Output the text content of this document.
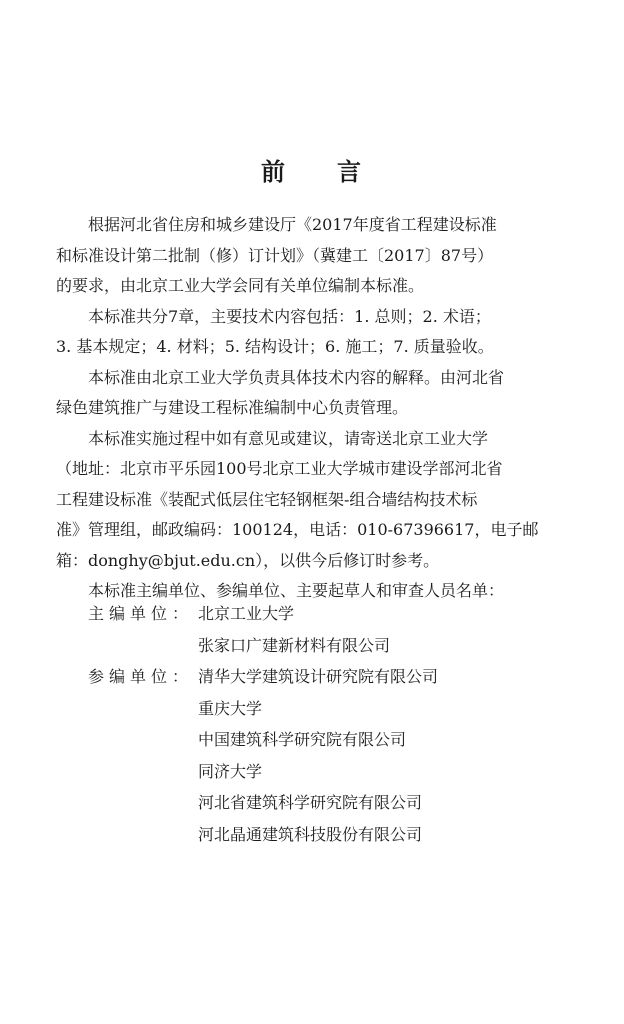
前 言

根据河北省住房和城乡建设厅《2017年度省工程建设标准
和标准设计第二批制（修）订计划》（冀建工〔2017〕87号）
的要求，由北京工业大学会同有关单位编制本标准。

本标准共分7章，主要技术内容包括：1. 总则；2. 术语；
3. 基本规定；4. 材料；5. 结构设计；6. 施工；7. 质量验收。

本标准由北京工业大学负责具体技术内容的解释。由河北省
绿色建筑推广与建设工程标准编制中心负责管理。

本标准实施过程中如有意见或建议，请寄送北京工业大学
（地址：北京市平乐园100号北京工业大学城市建设学部河北省
工程建设标准《装配式低层住宅轻钢框架-组合墙结构技术标
准》管理组，邮政编码：100124，电话：010-67396617，电子邮
箱：donghy@bjut.edu.cn），以供今后修订时参考。

本标准主编单位、参编单位、主要起草人和审查人员名单：

主编单位： 北京工业大学
张家口广建新材料有限公司
参编单位： 清华大学建筑设计研究院有限公司
重庆大学
中国建筑科学研究院有限公司
同济大学
河北省建筑科学研究院有限公司
河北晶通建筑科技股份有限公司
